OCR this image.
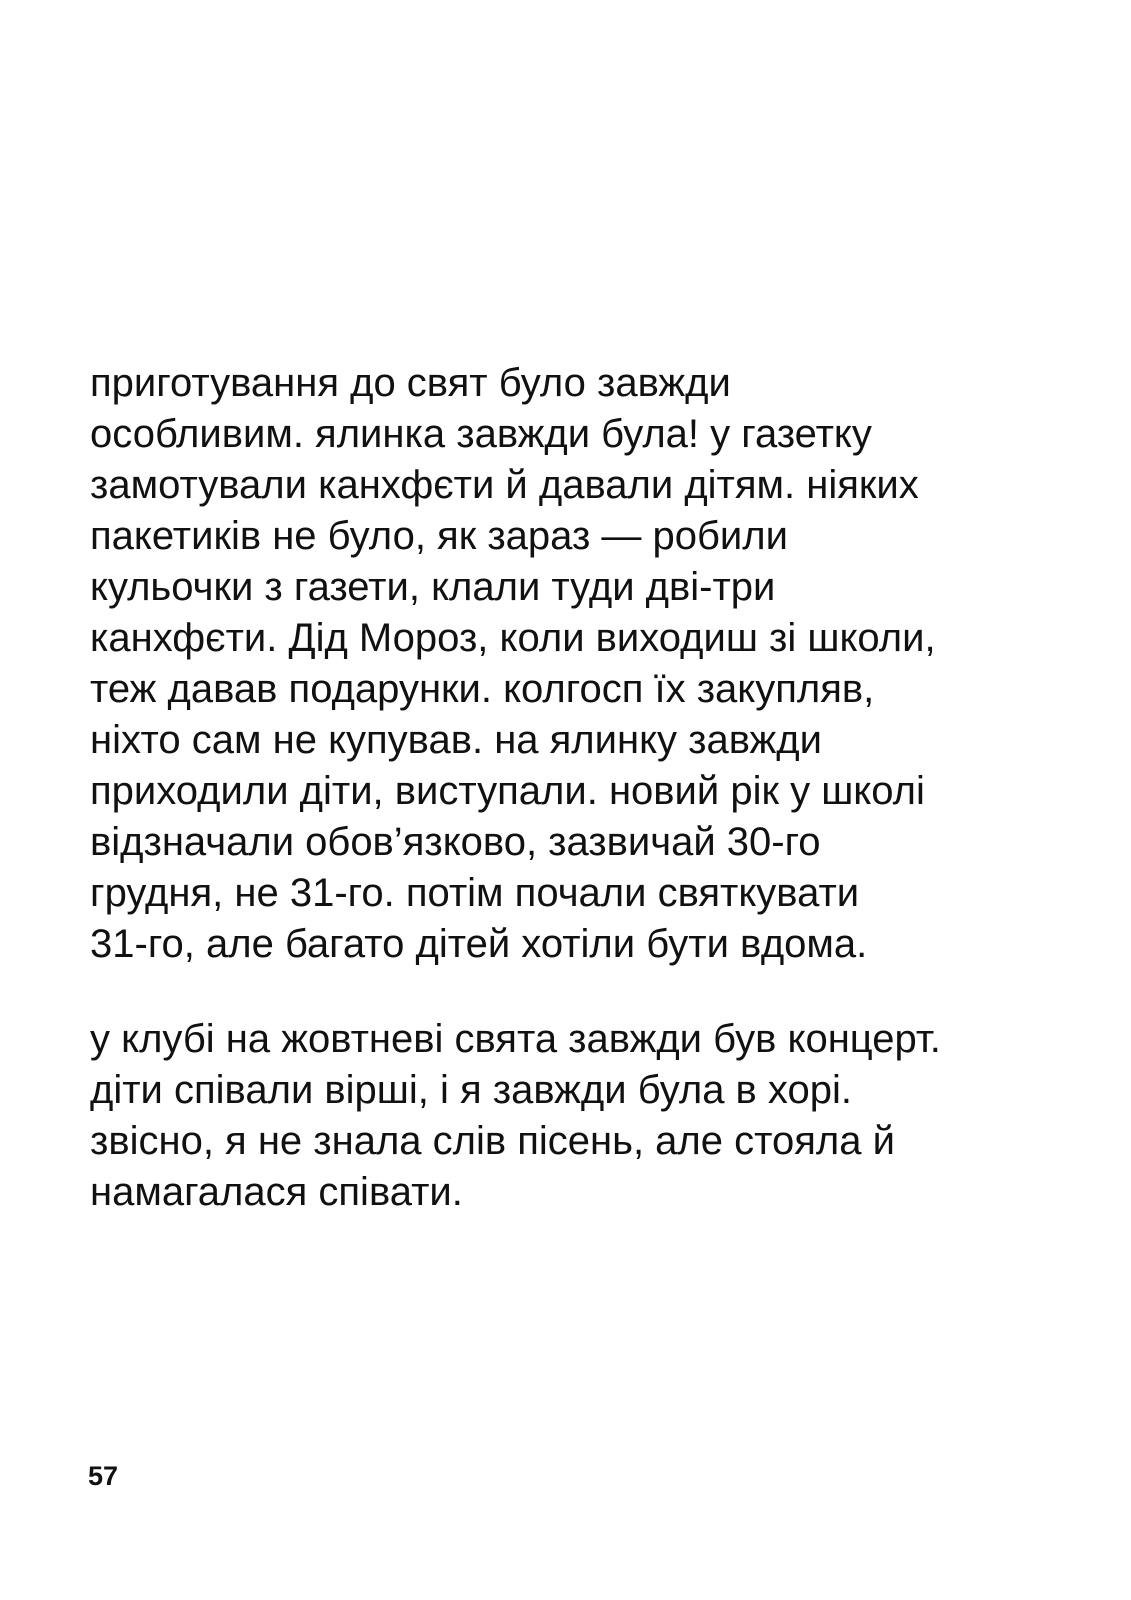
приготування до свят було завжди
особливим. ялинка завжди була! у газетку
замотували канхфєти й давали дітям. ніяких
пакетиків не було, як зараз — робили
кульочки з газети, клали туди дві-три
канхфєти. Дід Мороз, коли виходиш зі школи,
теж давав подарунки. колгосп їх закупляв,
ніхто сам не купував. на ялинку завжди
приходили діти, виступали. новий рік у школі
відзначали обов’язково, зазвичай 30-го
грудня, не 31-го. потім почали святкувати
31-го, але багато дітей хотіли бути вдома.

у клубі на жовтневі свята завжди був концерт.
діти співали вірші, і я завжди була в хорі.
звісно, я не знала слів пісень, але стояла й
намагалася співати.

57
